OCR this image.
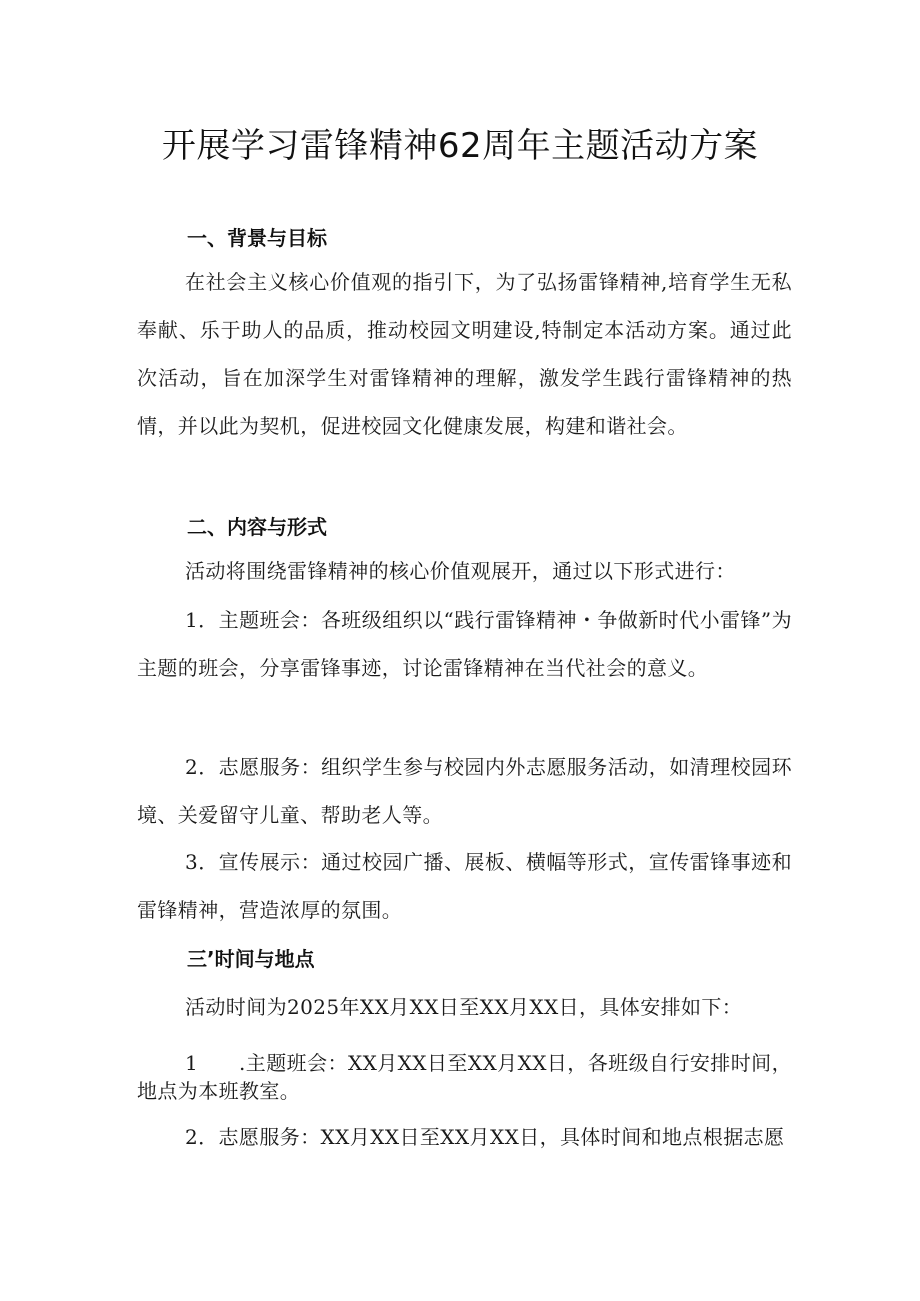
开展学习雷锋精神62周年主题活动方案
一、背景与目标
在社会主义核心价值观的指引下，为了弘扬雷锋精神,培育学生无私奉献、乐于助人的品质，推动校园文明建设,特制定本活动方案。通过此次活动，旨在加深学生对雷锋精神的理解，激发学生践行雷锋精神的热情，并以此为契机，促进校园文化健康发展，构建和谐社会。
二、内容与形式
活动将围绕雷锋精神的核心价值观展开，通过以下形式进行：
1．主题班会：各班级组织以“践行雷锋精神・争做新时代小雷锋”为主题的班会，分享雷锋事迹，讨论雷锋精神在当代社会的意义。
2．志愿服务：组织学生参与校园内外志愿服务活动，如清理校园环境、关爱留守儿童、帮助老人等。
3．宣传展示：通过校园广播、展板、横幅等形式，宣传雷锋事迹和雷锋精神，营造浓厚的氛围。
三’时间与地点
活动时间为2025年XX月XX日至XX月XX日，具体安排如下：
1　　.主题班会：XX月XX日至XX月XX日，各班级自行安排时间，地点为本班教室。
2．志愿服务：XX月XX日至XX月XX日，具体时间和地点根据志愿
